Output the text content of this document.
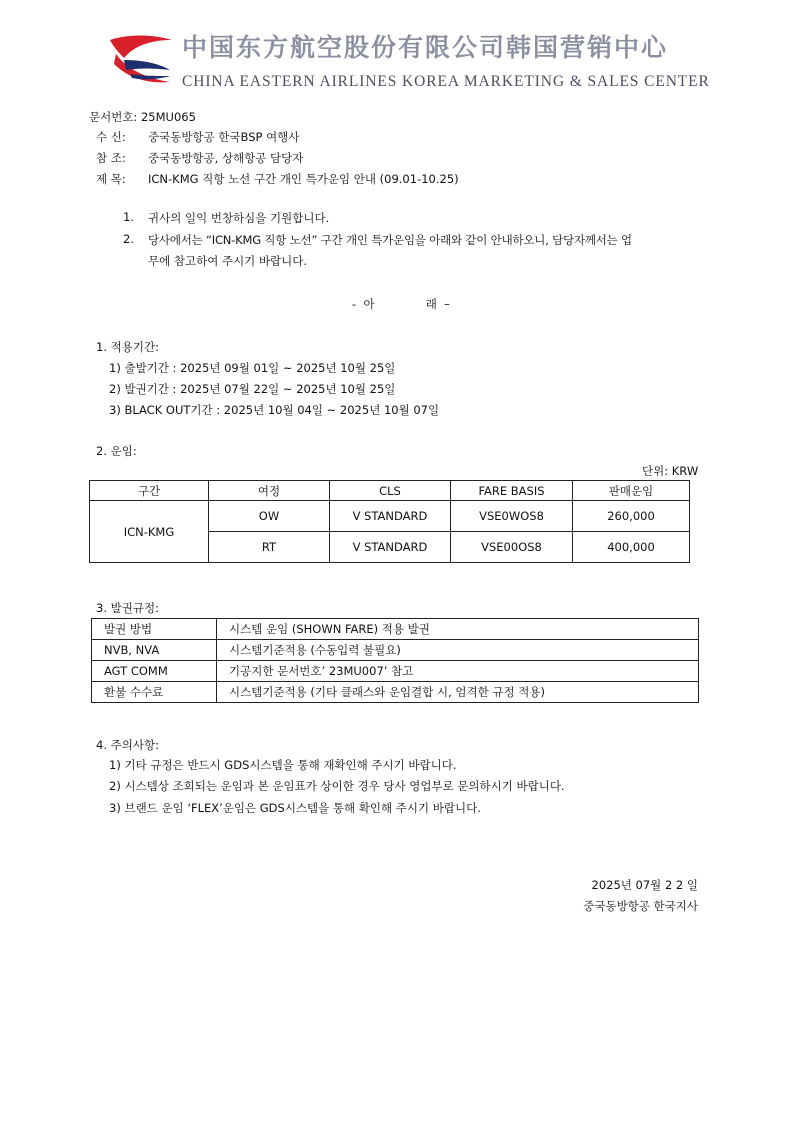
中国东方航空股份有限公司韩国营销中心
CHINA EASTERN AIRLINES KOREA MARKETING & SALES CENTER
문서번호: 25MU065
수 신: 중국동방항공 한국BSP 여행사
참 조: 중국동방항공, 상해항공 담당자
제 목: ICN-KMG 직항 노선 구간 개인 특가운임 안내 (09.01-10.25)
1. 귀사의 일익 번창하심을 기원합니다.
2. 당사에서는 “ICN-KMG 직항 노선” 구간 개인 특가운임을 아래와 같이 안내하오니, 담당자께서는 업
무에 참고하여 주시기 바랍니다.
-  아              래  –
1. 적용기간:
1) 출발기간 : 2025년 09월 01일 ~ 2025년 10월 25일
2) 발권기간 : 2025년 07월 22일 ~ 2025년 10월 25일
3) BLACK OUT기간 : 2025년 10월 04일 ~ 2025년 10월 07일
2. 운임:
단위: KRW
구간	여정	CLS	FARE BASIS	판매운임
ICN-KMG	OW	V STANDARD	VSE0WOS8	260,000
	RT	V STANDARD	VSE00OS8	400,000
3. 발권규정:
발권 방법	시스템 운임 (SHOWN FARE) 적용 발권
NVB, NVA	시스템기준적용 (수동입력 불필요)
AGT COMM	기공지한 문서번호’ 23MU007’ 참고
환불 수수료	시스템기준적용 (기타 클래스와 운임결합 시, 엄격한 규정 적용)
4. 주의사항:
1) 기타 규정은 반드시 GDS시스템을 통해 재확인해 주시기 바랍니다.
2) 시스템상 조회되는 운임과 본 운임표가 상이한 경우 당사 영업부로 문의하시기 바랍니다.
3) 브랜드 운임 ‘FLEX’운임은 GDS시스템을 통해 확인해 주시기 바랍니다.
2025년 07월 2 2 일
중국동방항공 한국지사
